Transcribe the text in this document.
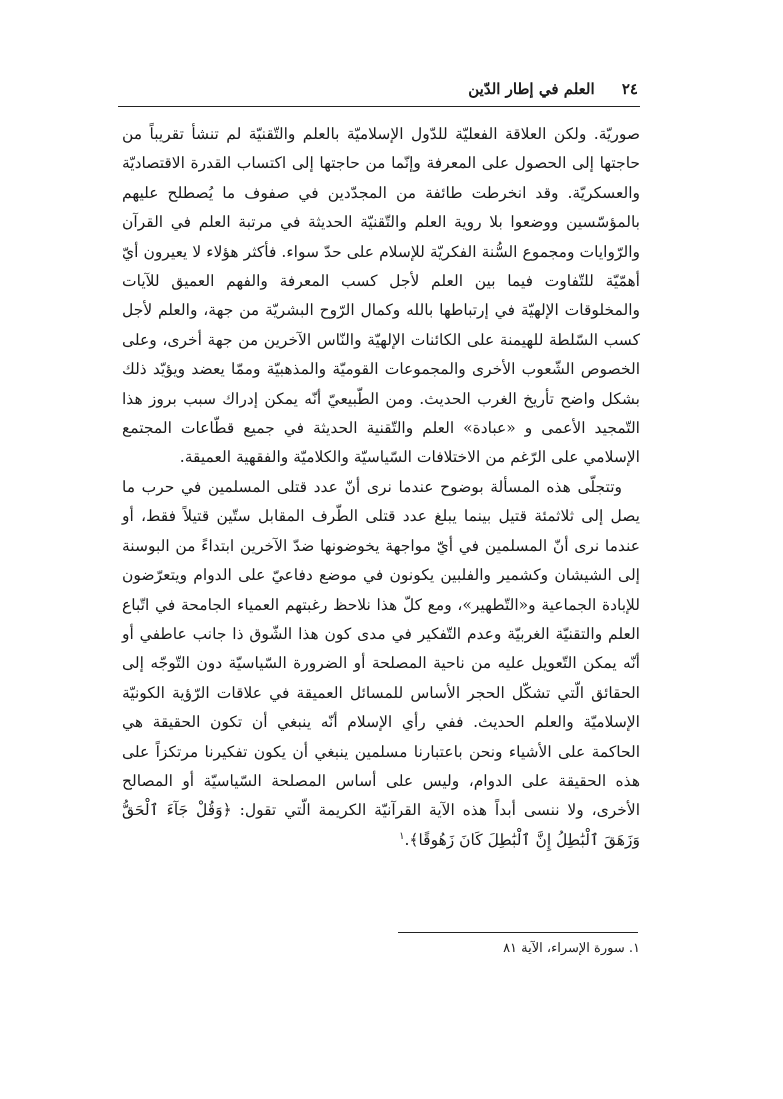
٢٤ العلم في إطار الدّين

صوريّة. ولكن العلاقة الفعليّة للدّول الإسلاميّة بالعلم والتّقنيّة لم تنشأ تقريباً من حاجتها إلى الحصول على المعرفة وإنّما من حاجتها إلى اكتساب القدرة الاقتصاديّة والعسكريّة. وقد انخرطت طائفة من المجدّدين في صفوف ما يُصطلح عليهم بالمؤسّسين ووضعوا بلا روية العلم والتّقنيّة الحديثة في مرتبة العلم في القرآن والرّوايات ومجموع السُّنة الفكريّة للإسلام على حدّ سواء. فأكثر هؤلاء لا يعيرون أيّ أهمّيّة للتّفاوت فيما بين العلم لأجل كسب المعرفة والفهم العميق للآيات والمخلوقات الإلهيّة في إرتباطها بالله وكمال الرّوح البشريّة من جهة، والعلم لأجل كسب السّلطة للهيمنة على الكائنات الإلهيّة والنّاس الآخرين من جهة أخرى، وعلى الخصوص الشّعوب الأخرى والمجموعات القوميّة والمذهبيّة وممّا يعضد ويؤيّد ذلك بشكل واضح تأريخ الغرب الحديث. ومن الطّبيعيّ أنّه يمكن إدراك سبب بروز هذا التّمجيد الأعمى و «عبادة» العلم والتّقنية الحديثة في جميع قطّاعات المجتمع الإسلامي على الرّغم من الاختلافات السّياسيّة والكلاميّة والفقهية العميقة.

وتتجلّى هذه المسألة بوضوح عندما نرى أنّ عدد قتلى المسلمين في حرب ما يصل إلى ثلاثمئة قتيل بينما يبلغ عدد قتلى الطّرف المقابل ستّين قتيلاً فقط، أو عندما نرى أنّ المسلمين في أيّ مواجهة يخوضونها ضدّ الآخرين ابتداءً من البوسنة إلى الشيشان وكشمير والفلبين يكونون في موضع دفاعيّ على الدوام ويتعرّضون للإبادة الجماعية و«التّطهير»، ومع كلّ هذا نلاحظ رغبتهم العمياء الجامحة في اتّباع العلم والتقنيّة الغربيّة وعدم التّفكير في مدى كون هذا الشّوق ذا جانب عاطفي أو أنّه يمكن التّعويل عليه من ناحية المصلحة أو الضرورة السّياسيّة دون التّوجّه إلى الحقائق الّتي تشكّل الحجر الأساس للمسائل العميقة في علاقات الرّؤية الكونيّة الإسلاميّة والعلم الحديث. ففي رأي الإسلام أنّه ينبغي أن تكون الحقيقة هي الحاكمة على الأشياء ونحن باعتبارنا مسلمين ينبغي أن يكون تفكيرنا مرتكزاً على هذه الحقيقة على الدوام، وليس على أساس المصلحة السّياسيّة أو المصالح الأخرى، ولا ننسى أبداً هذه الآية القرآنيّة الكريمة الّتي تقول: ﴿وَقُلْ جَآءَ ٱلْحَقُّ وَزَهَقَ ٱلْبَٰطِلُ إِنَّ ٱلْبَٰطِلَ كَانَ زَهُوقًا﴾.$^١$

١. سورة الإسراء، الآية ٨١
